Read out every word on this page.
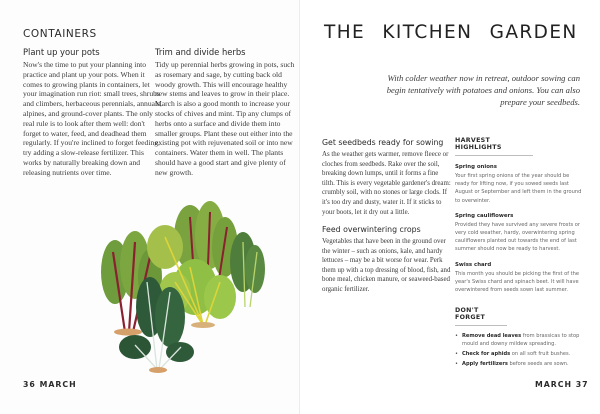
CONTAINERS
Plant up your pots

Now's the time to put your planning into practice and plant up your pots. When it comes to growing plants in containers, let your imagination run riot: small trees, shrubs and climbers, herbaceous perennials, annuals, alpines, and ground-cover plants. The only real rule is to look after them well: don't forget to water, feed, and deadhead them regularly. If you're inclined to forget feeding, try adding a slow-release fertilizer. This works by naturally breaking down and releasing nutrients over time.

Trim and divide herbs

Tidy up perennial herbs growing in pots, such as rosemary and sage, by cutting back old woody growth. This will encourage healthy new stems and leaves to grow in their place. March is also a good month to increase your stocks of chives and mint. Tip any clumps of herbs onto a surface and divide them into smaller groups. Plant these out either into the existing pot with rejuvenated soil or into new containers. Water them in well. The plants should have a good start and give plenty of new growth.

36 MARCH
THE KITCHEN GARDEN
With colder weather now in retreat, outdoor sowing can begin tentatively with potatoes and onions. You can also prepare your seedbeds.
Get seedbeds ready for sowing

As the weather gets warmer, remove fleece or cloches from seedbeds. Rake over the soil, breaking down lumps, until it forms a fine tilth. This is every vegetable gardener's dream: crumbly soil, with no stones or large clods. If it's too dry and dusty, water it. If it sticks to your boots, let it dry out a little.

Feed overwintering crops

Vegetables that have been in the ground over the winter – such as onions, kale, and hardy lettuces – may be a bit worse for wear. Perk them up with a top dressing of blood, fish, and bone meal, chicken manure, or seaweed-based organic fertilizer.

HARVEST HIGHLIGHTS
Spring onions
Your first spring onions of the year should be ready for lifting now, if you sowed seeds last August or September and left them in the ground to overwinter.
Spring cauliflowers
Provided they have survived any severe frosts or very cold weather, hardy, overwintering spring cauliflowers planted out towards the end of last summer should now be ready to harvest.
Swiss chard
This month you should be picking the first of the year's Swiss chard and spinach beet. It will have overwintered from seeds sown last summer.
DON'T FORGET
• Remove dead leaves from brassicas to stop mould and downy mildew spreading.
• Check for aphids on all soft fruit bushes.
• Apply fertilizers before seeds are sown.
MARCH 37
